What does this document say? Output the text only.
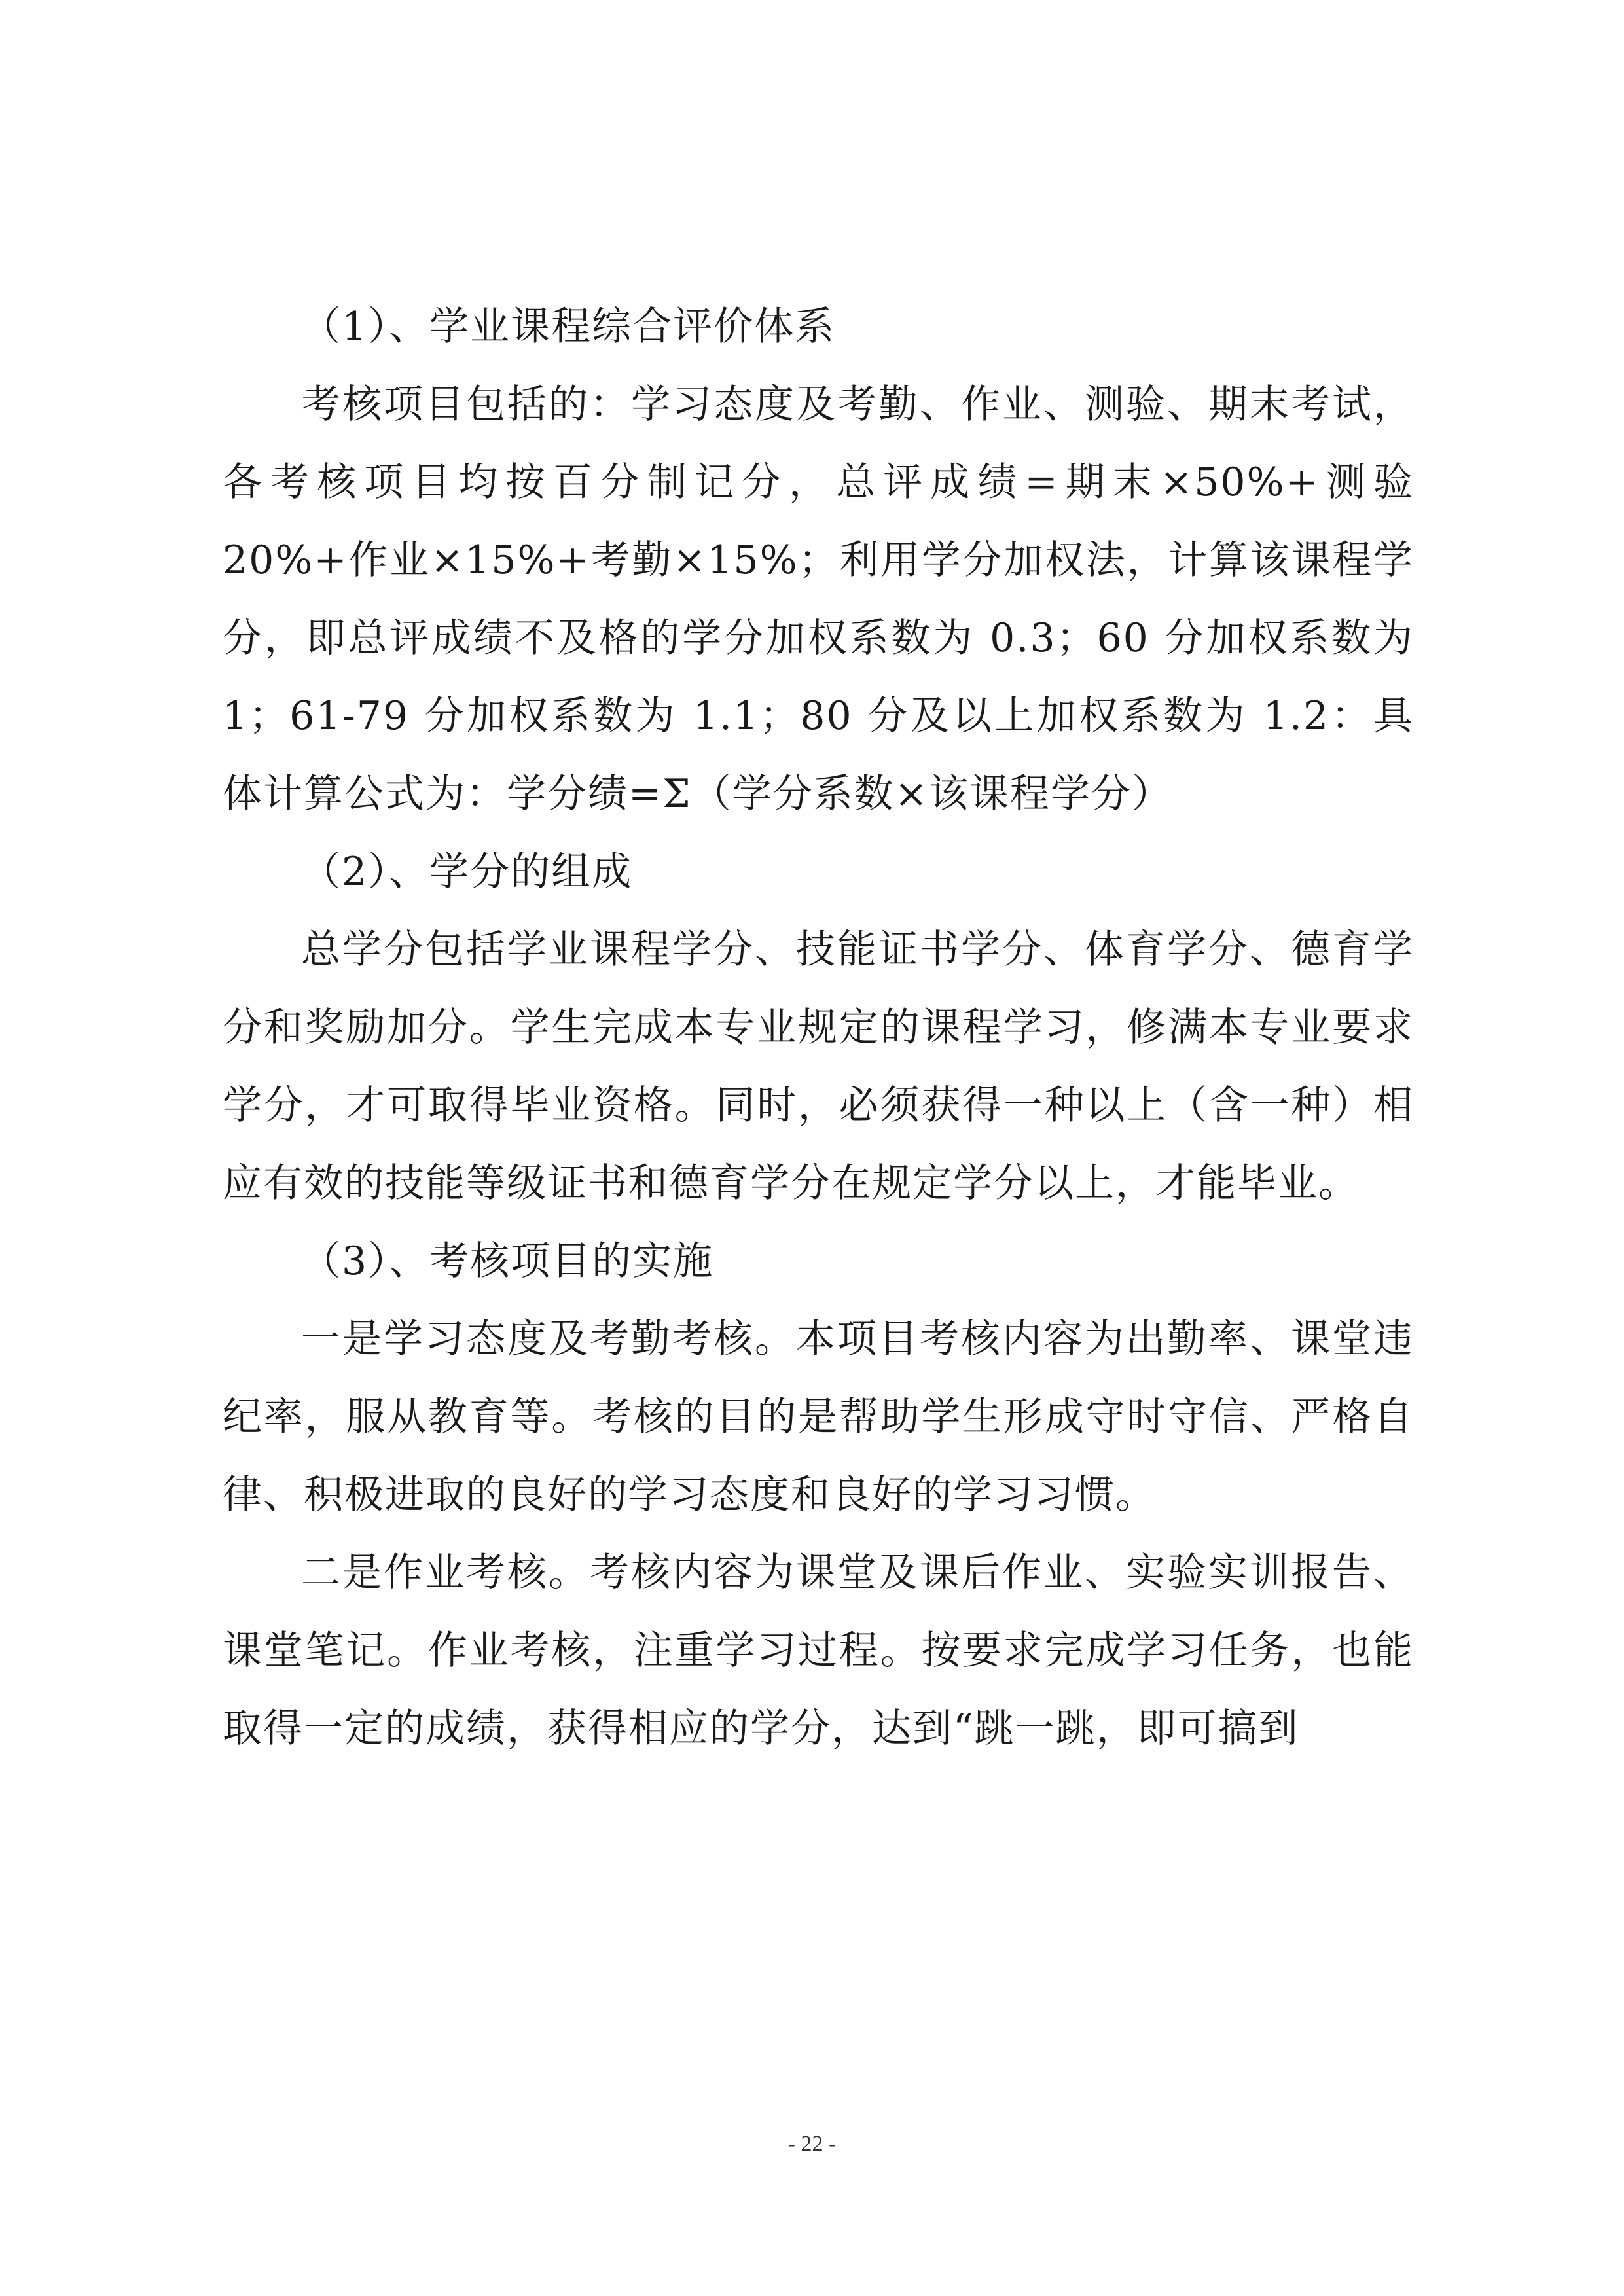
（1）、学业课程综合评价体系

考核项目包括的：学习态度及考勤、作业、测验、期末考试，各考核项目均按百分制记分，总评成绩=期末×50%+测验 20%+作业×15%+考勤×15%；利用学分加权法，计算该课程学分，即总评成绩不及格的学分加权系数为 0.3；60 分加权系数为 1；61-79 分加权系数为 1.1；80 分及以上加权系数为 1.2：具体计算公式为：学分绩=Σ（学分系数×该课程学分）

（2）、学分的组成

总学分包括学业课程学分、技能证书学分、体育学分、德育学分和奖励加分。学生完成本专业规定的课程学习，修满本专业要求学分，才可取得毕业资格。同时，必须获得一种以上（含一种）相应有效的技能等级证书和德育学分在规定学分以上，才能毕业。

（3）、考核项目的实施

一是学习态度及考勤考核。本项目考核内容为出勤率、课堂违纪率，服从教育等。考核的目的是帮助学生形成守时守信、严格自律、积极进取的良好的学习态度和良好的学习习惯。

二是作业考核。考核内容为课堂及课后作业、实验实训报告、课堂笔记。作业考核，注重学习过程。按要求完成学习任务，也能取得一定的成绩，获得相应的学分，达到“跳一跳，即可搞到

- 22 -
